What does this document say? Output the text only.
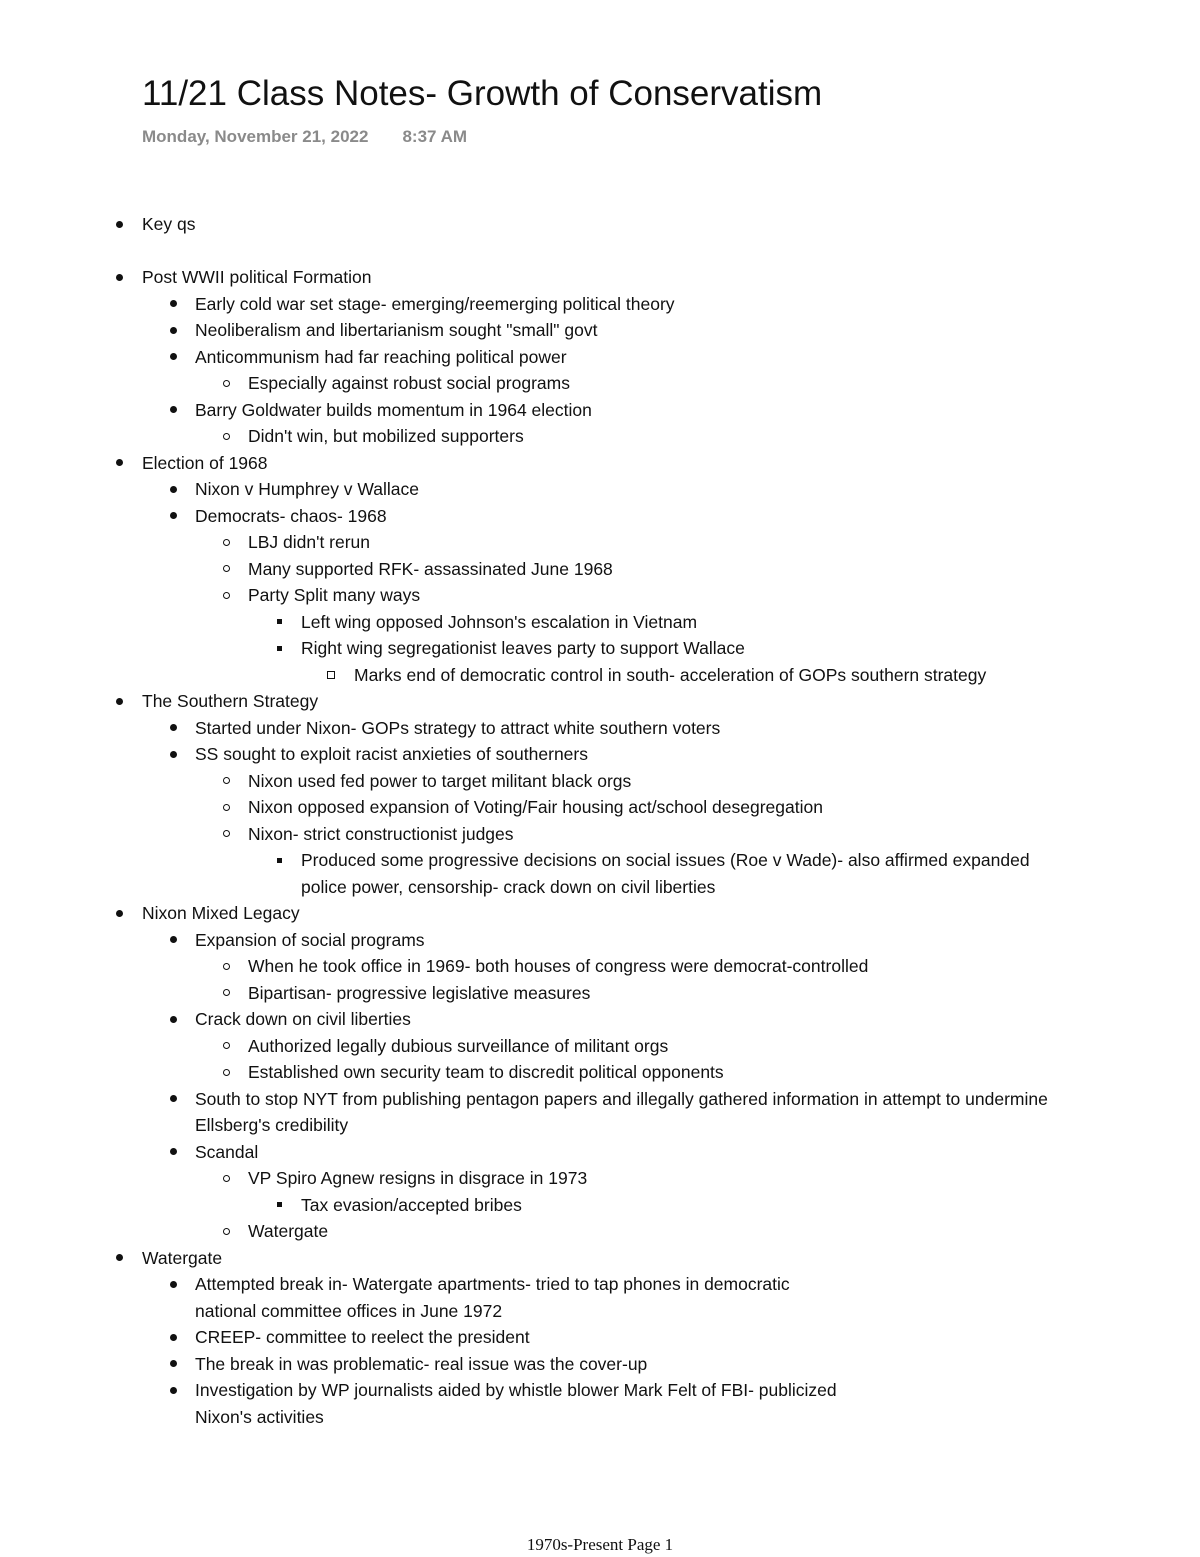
11/21 Class Notes- Growth of Conservatism
Monday, November 21, 2022 8:37 AM
Key qs
Post WWII political Formation
Early cold war set stage- emerging/reemerging political theory
Neoliberalism and libertarianism sought "small" govt
Anticommunism had far reaching political power
Especially against robust social programs
Barry Goldwater builds momentum in 1964 election
Didn't win, but mobilized supporters
Election of 1968
Nixon v Humphrey v Wallace
Democrats- chaos- 1968
LBJ didn't rerun
Many supported RFK- assassinated June 1968
Party Split many ways
Left wing opposed Johnson's escalation in Vietnam
Right wing segregationist leaves party to support Wallace
Marks end of democratic control in south- acceleration of GOPs southern strategy
The Southern Strategy
Started under Nixon- GOPs strategy to attract white southern voters
SS sought to exploit racist anxieties of southerners
Nixon used fed power to target militant black orgs
Nixon opposed expansion of Voting/Fair housing act/school desegregation
Nixon- strict constructionist judges
Produced some progressive decisions on social issues (Roe v Wade)- also affirmed expanded police power, censorship- crack down on civil liberties
Nixon Mixed Legacy
Expansion of social programs
When he took office in 1969- both houses of congress were democrat-controlled
Bipartisan- progressive legislative measures
Crack down on civil liberties
Authorized legally dubious surveillance of militant orgs
Established own security team to discredit political opponents
South to stop NYT from publishing pentagon papers and illegally gathered information in attempt to undermine Ellsberg's credibility
Scandal
VP Spiro Agnew resigns in disgrace in 1973
Tax evasion/accepted bribes
Watergate
Watergate
Attempted break in- Watergate apartments- tried to tap phones in democratic national committee offices in June 1972
CREEP- committee to reelect the president
The break in was problematic- real issue was the cover-up
Investigation by WP journalists aided by whistle blower Mark Felt of FBI- publicized Nixon's activities
1970s-Present Page 1
